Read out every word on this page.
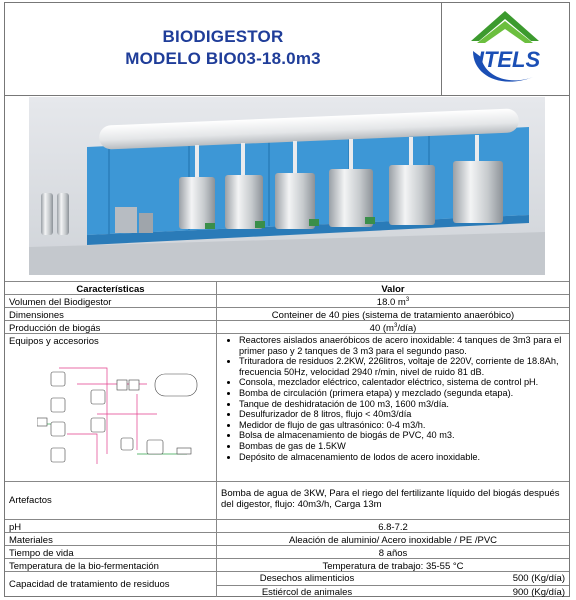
BIODIGESTOR
MODELO BIO03-18.0m3	ITELS
Características	Valor
Volumen del Biodigestor	18.0 $m^3$
Dimensiones	Conteiner de 40 pies (sistema de tratamiento anaeróbico)
Producción de biogás	40 $(m^3/día)$
Equipos y accesorios
•	Reactores aislados anaeróbicos de acero inoxidable: 4 tanques de 3m3 para el primer paso y 2 tanques de 3 m3 para el segundo paso.
• Trituradora de residuos 2.2KW, 226litros, voltaje de 220V, corriente de 18.8Ah, frecuencia 50Hz, velocidad 2940 r/min, nivel de ruido 81 dB.
• Consola, mezclador eléctrico, calentador eléctrico, sistema de control pH.
• Bomba de circulación (primera etapa) y mezclado (segunda etapa).
• Tanque de deshidratación de 100 m3, 1600 m3/día.
• Desulfurizador de 8 litros, flujo < 40m3/día
• Medidor de flujo de gas ultrasónico: 0-4 m3/h.
• Bolsa de almacenamiento de biogás de PVC, 40 m3.
• Bombas de gas de 1.5KW
• Depósito de almacenamiento de lodos de acero inoxidable.
Artefactos
Bomba de agua de 3KW, Para el riego del fertilizante líquido del biogás después del digestor, flujo: 40m3/h, Carga 13m
pH	6.8-7.2
Materiales	Aleación de aluminio/ Acero inoxidable / PE /PVC
Tiempo de vida	8 años
Temperatura de la bio-fermentación	Temperatura de trabajo: 35-55 °C
Capacidad de tratamiento de residuos
Desechos alimenticios	500 (Kg/día)
Estiércol de animales	900 (Kg/día)
